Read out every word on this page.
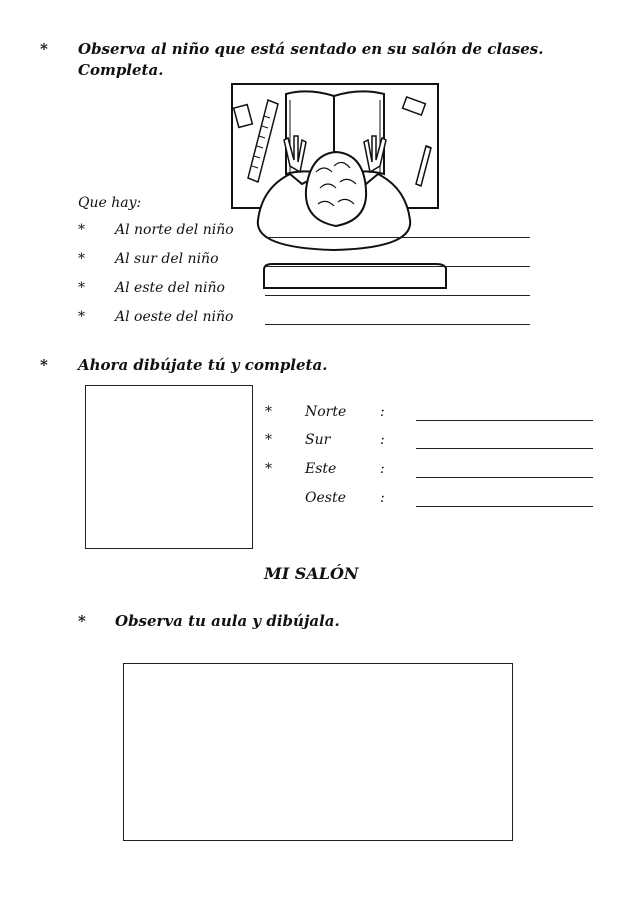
* Observa al niño que está sentado en su salón de clases.
Completa.
Que hay:
* Al norte del niño
* Al sur del niño
* Al este del niño
* Al oeste del niño
* Ahora dibújate tú y completa.
* Norte :
* Sur	:
* Este	:
Oeste :
MI SALÓN
* Observa tu aula y dibújala.
